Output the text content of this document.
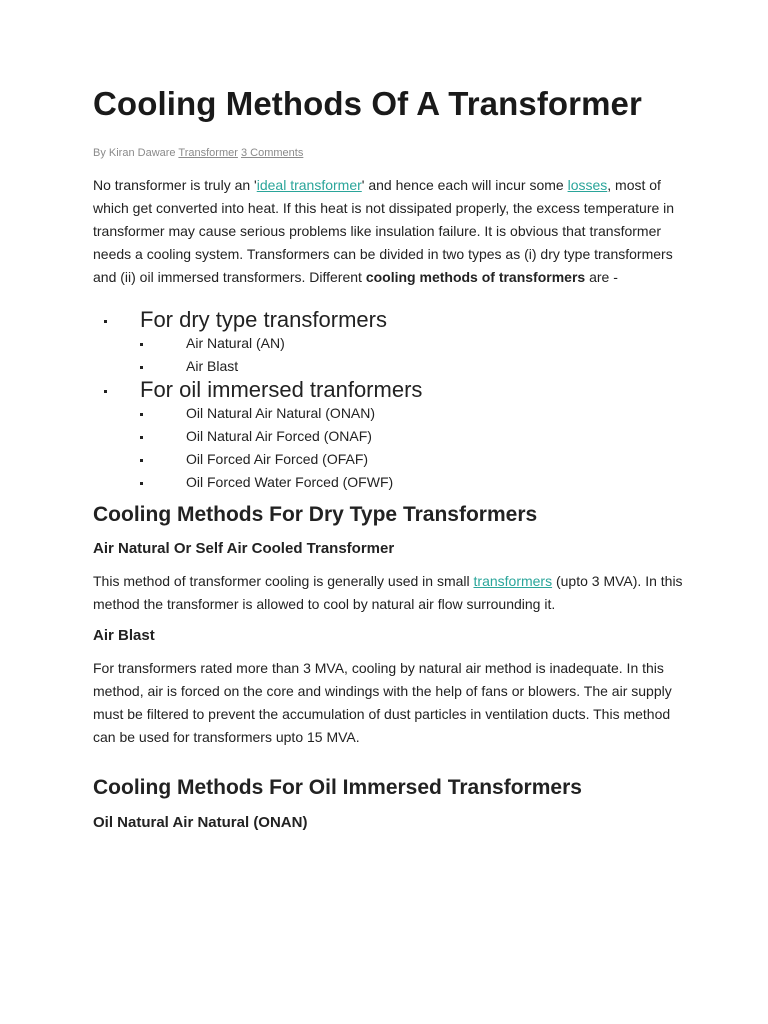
Cooling Methods Of A Transformer
By Kiran Daware Transformer 3 Comments

No transformer is truly an 'ideal transformer' and hence each will incur some losses, most of which get converted into heat. If this heat is not dissipated properly, the excess temperature in transformer may cause serious problems like insulation failure. It is obvious that transformer needs a cooling system. Transformers can be divided in two types as (i) dry type transformers and (ii) oil immersed transformers. Different cooling methods of transformers are -

For dry type transformers
Air Natural (AN)
Air Blast
For oil immersed tranformers
Oil Natural Air Natural (ONAN)
Oil Natural Air Forced (ONAF)
Oil Forced Air Forced (OFAF)
Oil Forced Water Forced (OFWF)
Cooling Methods For Dry Type Transformers
Air Natural Or Self Air Cooled Transformer

This method of transformer cooling is generally used in small transformers (upto 3 MVA). In this method the transformer is allowed to cool by natural air flow surrounding it.

Air Blast

For transformers rated more than 3 MVA, cooling by natural air method is inadequate. In this method, air is forced on the core and windings with the help of fans or blowers. The air supply must be filtered to prevent the accumulation of dust particles in ventilation ducts. This method can be used for transformers upto 15 MVA.

Cooling Methods For Oil Immersed Transformers
Oil Natural Air Natural (ONAN)
